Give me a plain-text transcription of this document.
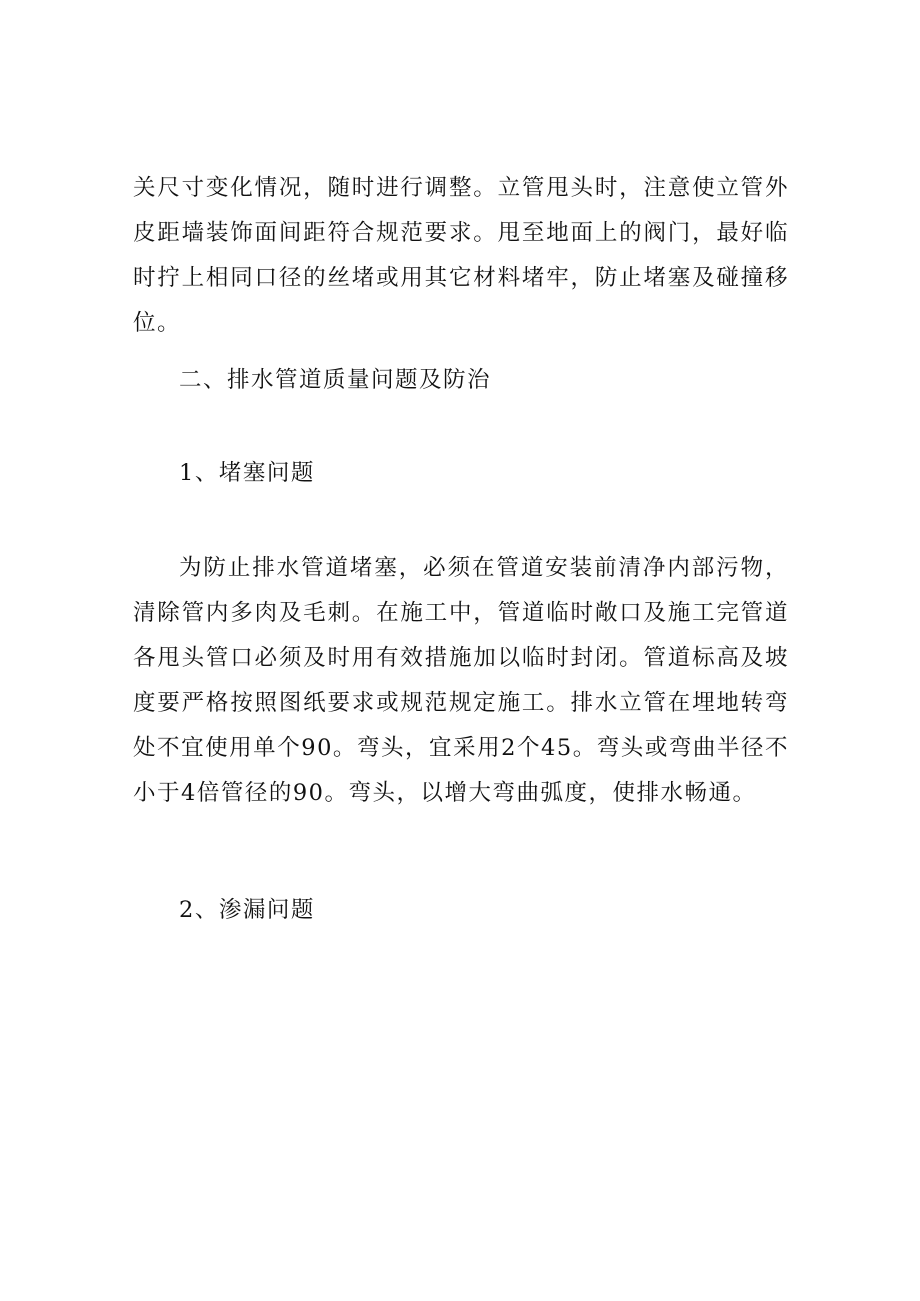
关尺寸变化情况，随时进行调整。立管甩头时，注意使立管外皮距墙装饰面间距符合规范要求。甩至地面上的阀门，最好临时拧上相同口径的丝堵或用其它材料堵牢，防止堵塞及碰撞移位。

二、排水管道质量问题及防治
1、堵塞问题

为防止排水管道堵塞，必须在管道安装前清净内部污物，清除管内多肉及毛刺。在施工中，管道临时敞口及施工完管道各甩头管口必须及时用有效措施加以临时封闭。管道标高及坡度要严格按照图纸要求或规范规定施工。排水立管在埋地转弯处不宜使用单个90。弯头，宜采用2个45。弯头或弯曲半径不小于4倍管径的90。弯头，以增大弯曲弧度，使排水畅通。

2、渗漏问题
